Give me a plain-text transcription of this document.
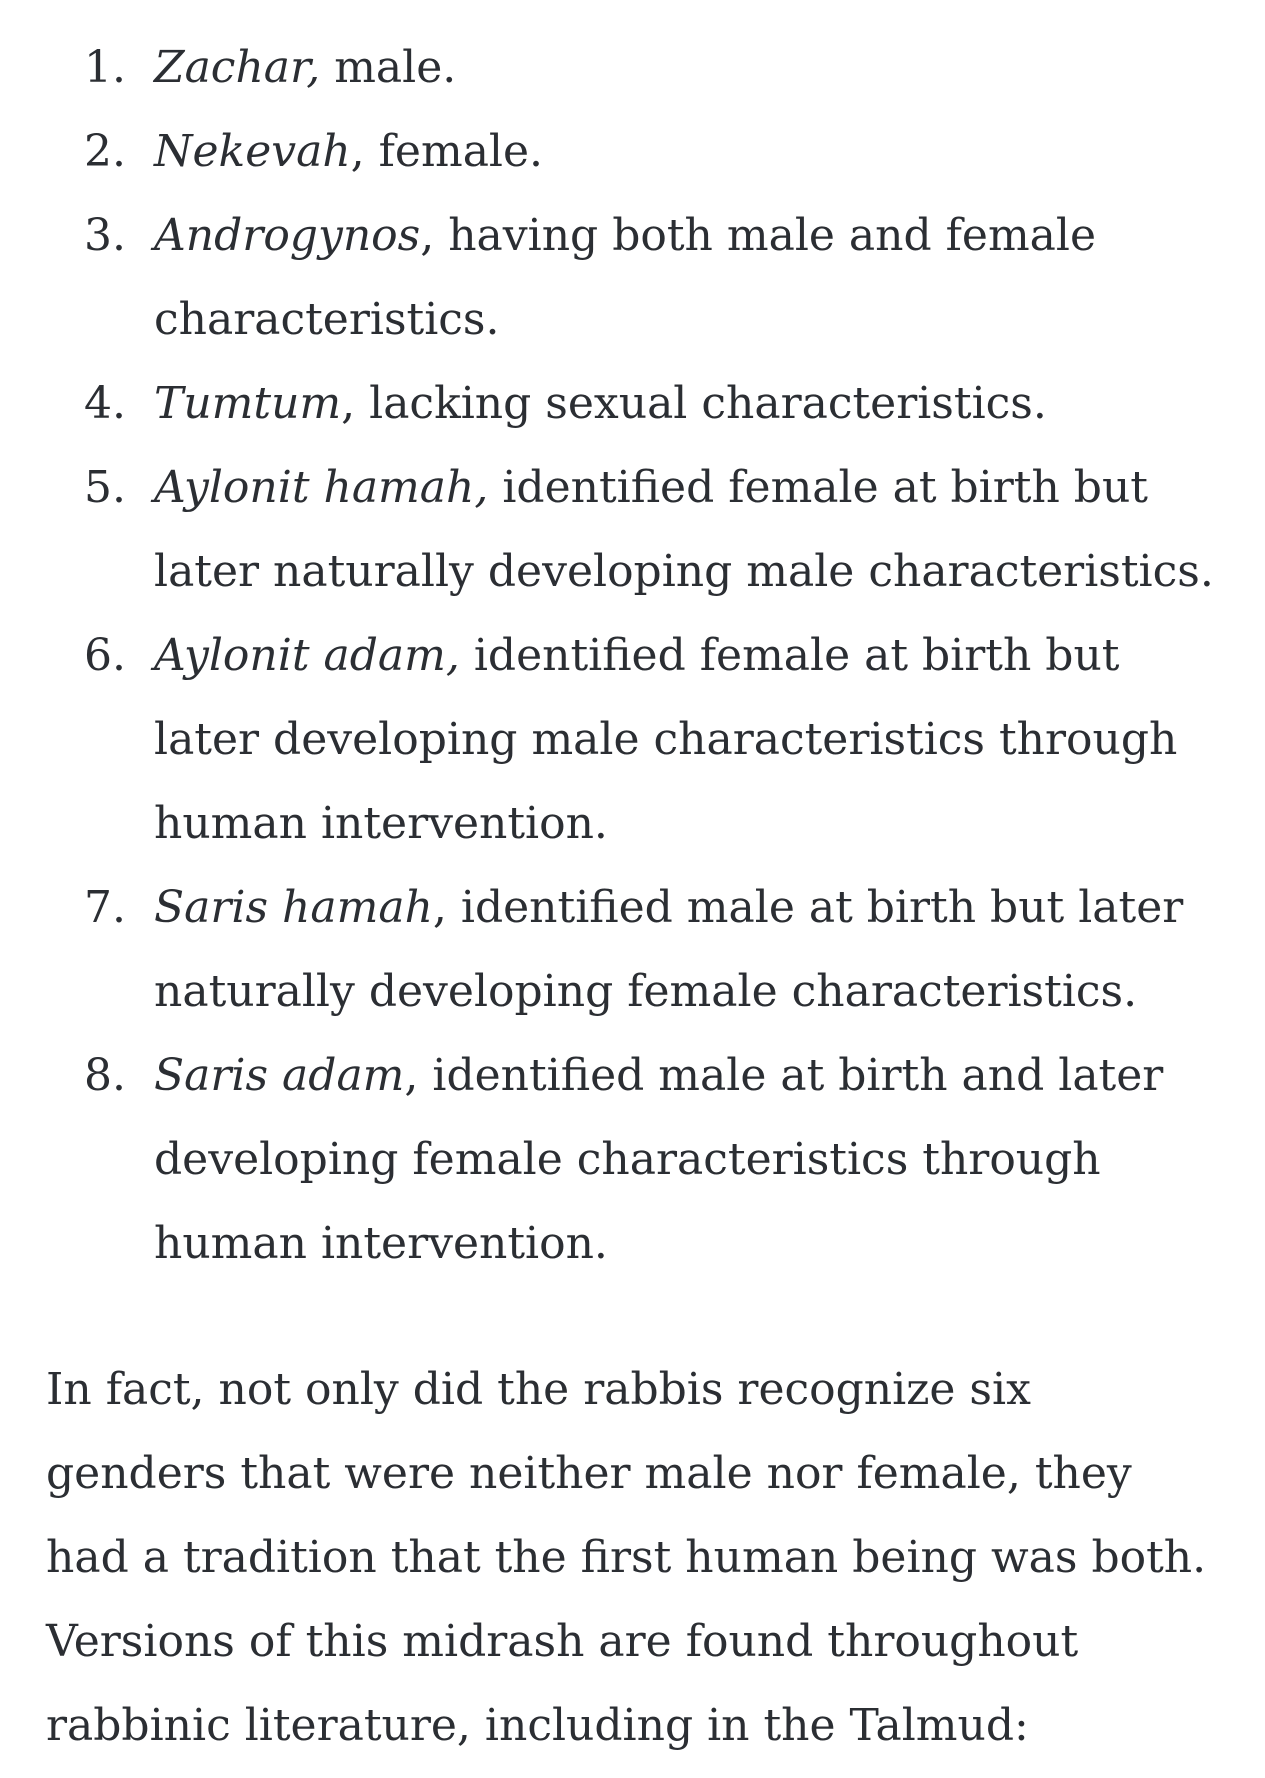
1. Zachar, male.
2. Nekevah, female.
3. Androgynos, having both male and female characteristics.
4. Tumtum, lacking sexual characteristics.
5. Aylonit hamah, identified female at birth but later naturally developing male characteristics.
6. Aylonit adam, identified female at birth but later developing male characteristics through human intervention.
7. Saris hamah, identified male at birth but later naturally developing female characteristics.
8. Saris adam, identified male at birth and later developing female characteristics through human intervention.

In fact, not only did the rabbis recognize six genders that were neither male nor female, they had a tradition that the first human being was both. Versions of this midrash are found throughout rabbinic literature, including in the Talmud:
